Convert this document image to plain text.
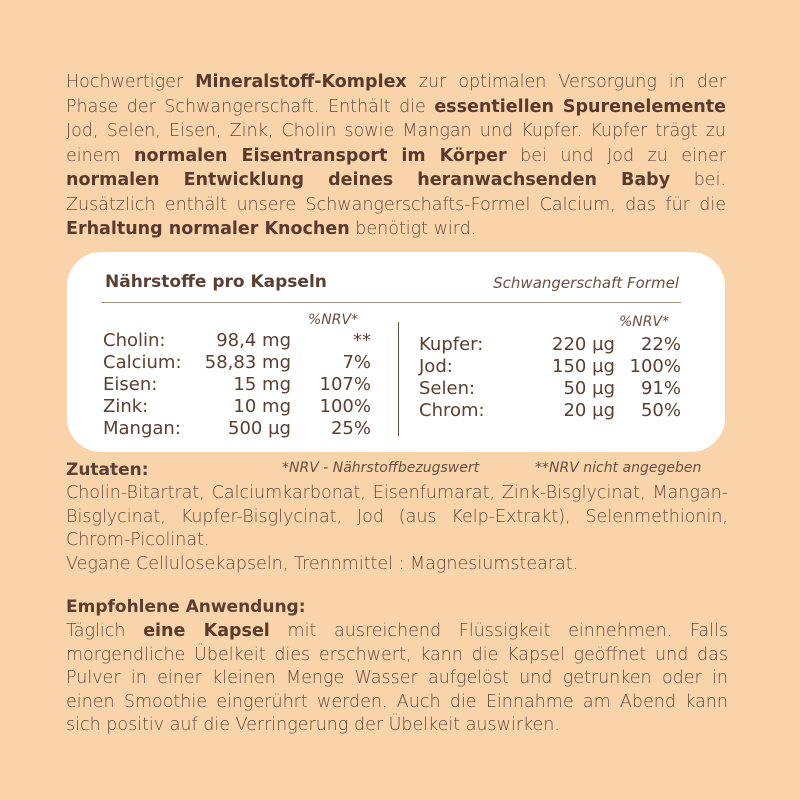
Hochwertiger Mineralstoff-Komplex zur optimalen Versorgung in der Phase der Schwangerschaft. Enthält die essentiellen Spurenelemente Jod, Selen, Eisen, Zink, Cholin sowie Mangan und Kupfer. Kupfer trägt zu einem normalen Eisentransport im Körper bei und Jod zu einer normalen Entwicklung deines heranwachsenden Baby bei. Zusätzlich enthält unsere Schwangerschafts-Formel Calcium, das für die Erhaltung normaler Knochen benötigt wird.
Nährstoffe pro Kapseln	Schwangerschaft Formel
%NRV*	%NRV*
Cholin:	98,4 mg	**
Calcium: 58,83 mg	7%
Eisen:	15 mg 107%
Zink:	10 mg 100%
Mangan:	500 µg 25%
Kupfer:	220 µg 22%
Jod:	150 µg 100%
Selen:	50 µg 91%
Chrom:	20 µg 50%
Zutaten:	*NRV - Nährstoffbezugswert	**NRV nicht angegeben
Cholin-Bitartrat, Calciumkarbonat, Eisenfumarat, Zink-Bisglycinat, Mangan-Bisglycinat, Kupfer-Bisglycinat, Jod (aus Kelp-Extrakt), Selenmethionin, Chrom-Picolinat.
Vegane Cellulosekapseln, Trennmittel : Magnesiumstearat.
Empfohlene Anwendung:
Täglich eine Kapsel mit ausreichend Flüssigkeit einnehmen. Falls morgendliche Übelkeit dies erschwert, kann die Kapsel geöffnet und das Pulver in einer kleinen Menge Wasser aufgelöst und getrunken oder in einen Smoothie eingerührt werden. Auch die Einnahme am Abend kann sich positiv auf die Verringerung der Übelkeit auswirken.
